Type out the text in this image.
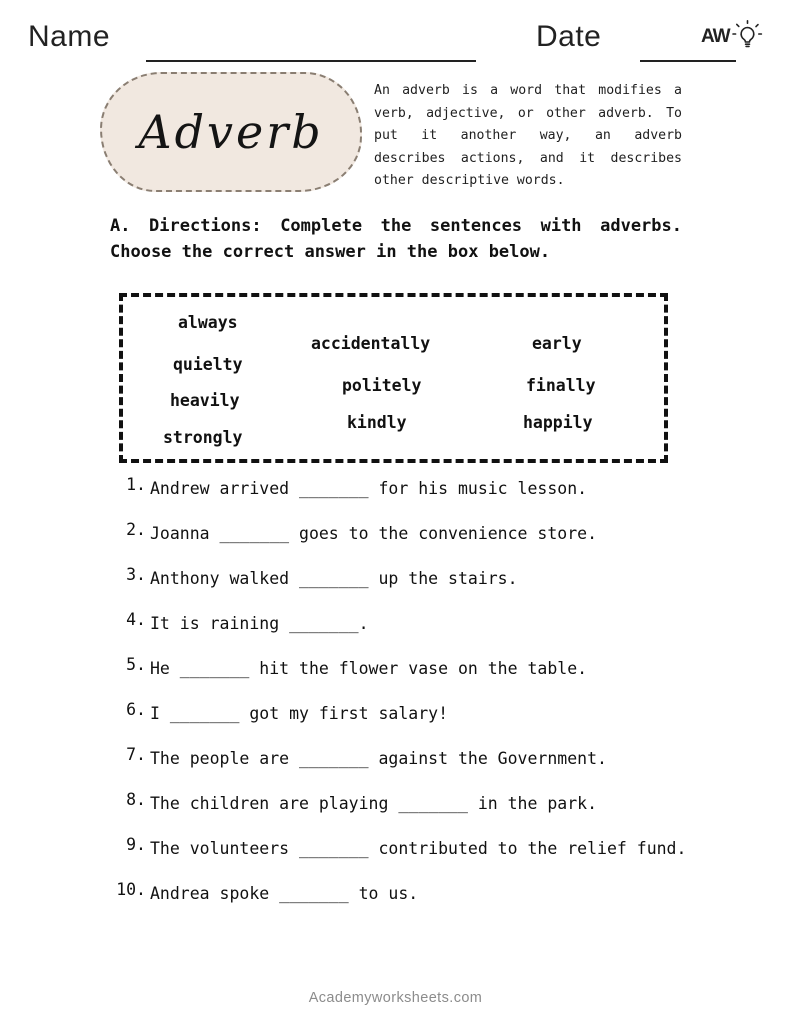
Name	Date	AW
Adverb
An adverb is a word that modifies a verb, adjective, or other adverb. To put it another way, an adverb describes actions, and it describes other descriptive words.
A. Directions: Complete the sentences with adverbs. Choose the correct answer in the box below.
always
quielty
heavily
strongly
accidentally
politely
kindly
early
finally
happily
1. Andrew arrived _______ for his music lesson.
2. Joanna _______ goes to the convenience store.
3. Anthony walked _______ up the stairs.
4. It is raining _______.
5. He _______ hit the flower vase on the table.
6. I _______ got my first salary!
7. The people are _______ against the Government.
8. The children are playing _______ in the park.
9. The volunteers _______ contributed to the relief fund.
10. Andrea spoke _______ to us.
Academyworksheets.com
